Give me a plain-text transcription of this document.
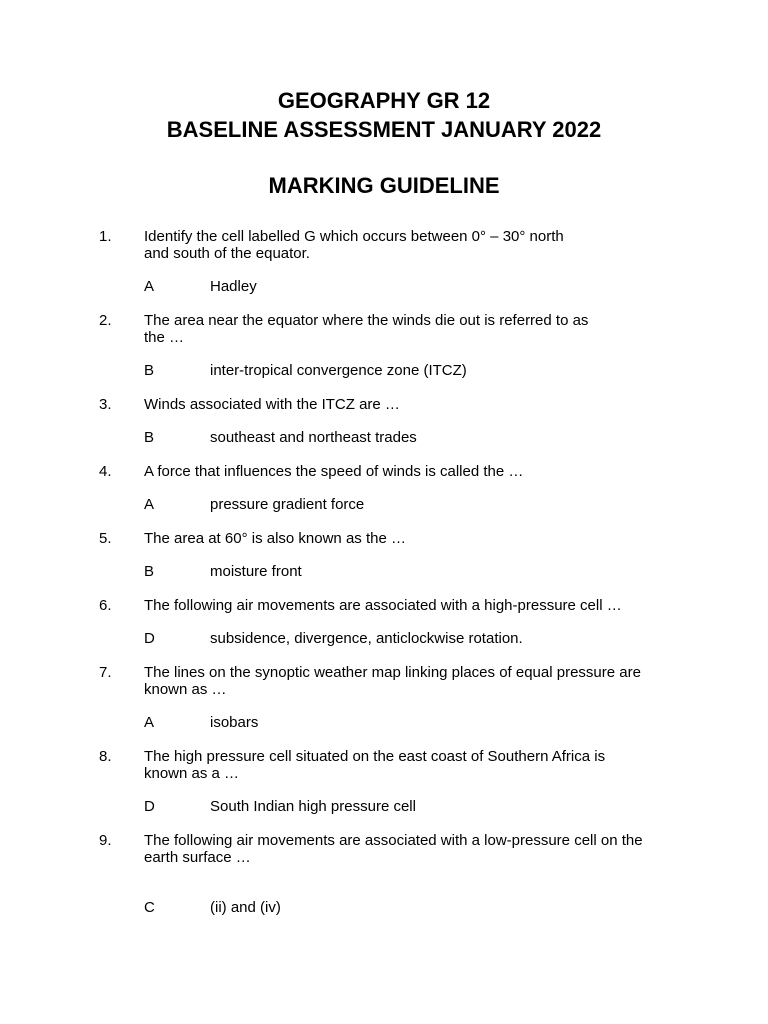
GEOGRAPHY GR 12
BASELINE ASSESSMENT JANUARY 2022
MARKING GUIDELINE
1. Identify the cell labelled G which occurs between 0° – 30° north
and south of the equator.
A	Hadley
2. The area near the equator where the winds die out is referred to as
the …
B	inter-tropical convergence zone (ITCZ)
3. Winds associated with the ITCZ are …
B	southeast and northeast trades
4. A force that influences the speed of winds is called the …
A	pressure gradient force
5. The area at 60° is also known as the …
B	moisture front
6. The following air movements are associated with a high-pressure cell …
D	subsidence, divergence, anticlockwise rotation.
7. The lines on the synoptic weather map linking places of equal pressure are
known as …
A	isobars
8. The high pressure cell situated on the east coast of Southern Africa is
known as a …
D	South Indian high pressure cell
9. The following air movements are associated with a low-pressure cell on the
earth surface …
C	(ii) and (iv)
